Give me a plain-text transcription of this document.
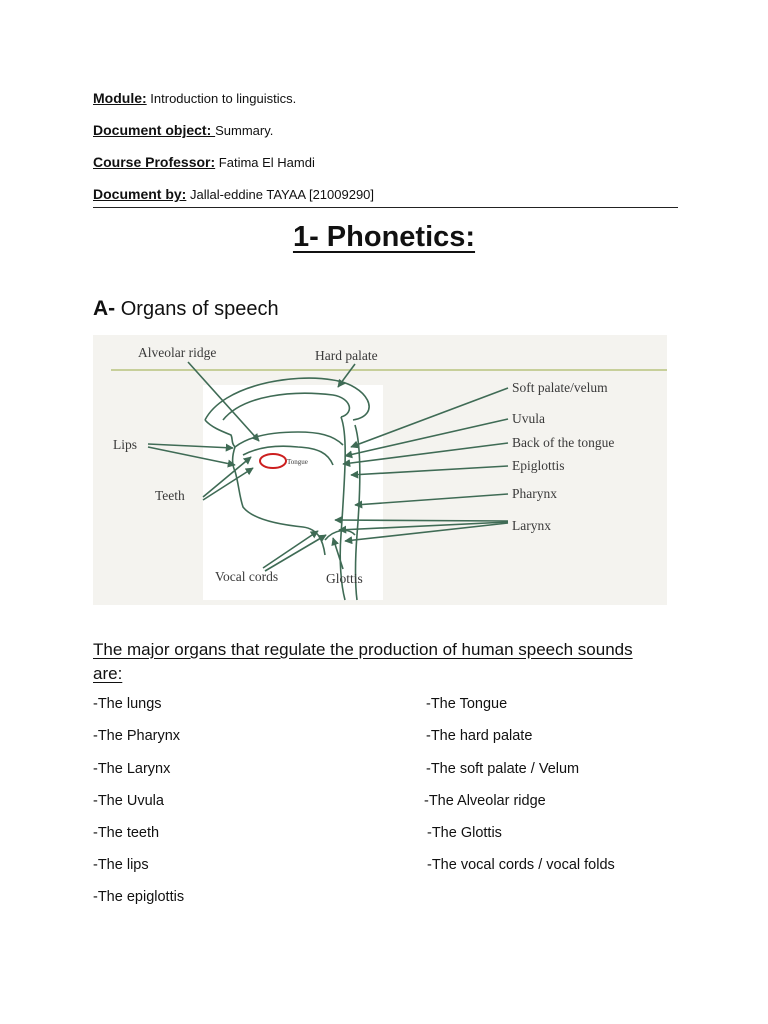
Module: Introduction to linguistics.
Document object: Summary.
Course Professor: Fatima El Hamdi
Document by: Jallal-eddine TAYAA [21009290]
1- Phonetics:
A- Organs of speech
Tongue
Alveolar ridge	Hard palate
Soft palate/velum
Uvula
Back of the tongue
Epiglottis
Pharynx
Larynx
Lips
Teeth
Vocal cords	Glottis
The major organs that regulate the production of human speech sounds are:
-The lungs
-The Pharynx
-The Larynx
-The Uvula
-The teeth
-The lips
-The epiglottis
-The Tongue
-The hard palate
-The soft palate / Velum
-The Alveolar ridge
-The Glottis
-The vocal cords / vocal folds
